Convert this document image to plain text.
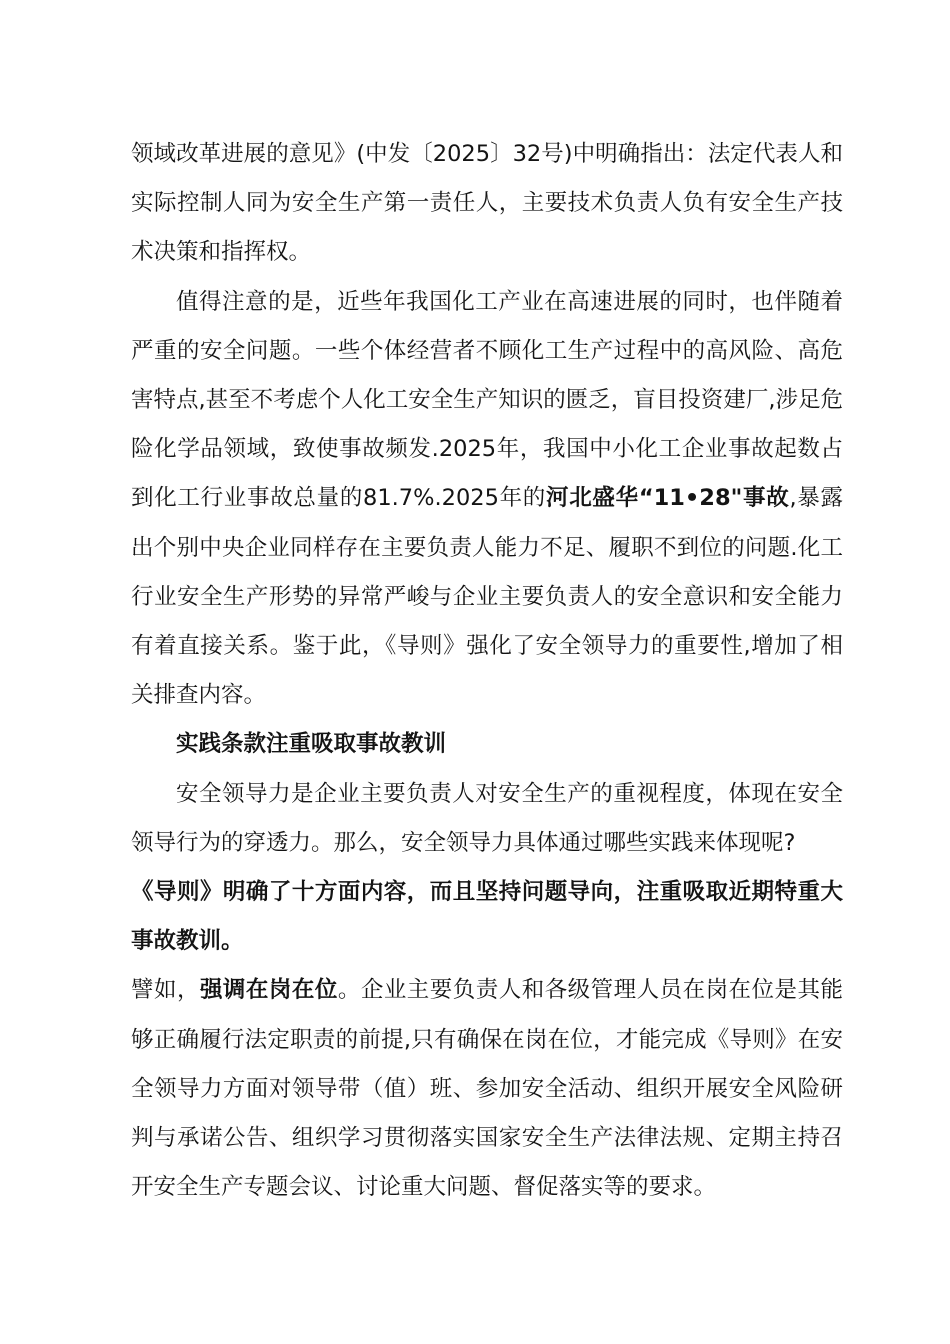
领域改革进展的意见》(中发〔2025〕32号)中明确指出：法定代表人和实际控制人同为安全生产第一责任人，主要技术负责人负有安全生产技术决策和指挥权。

值得注意的是，近些年我国化工产业在高速进展的同时，也伴随着严重的安全问题。一些个体经营者不顾化工生产过程中的高风险、高危害特点,甚至不考虑个人化工安全生产知识的匮乏，盲目投资建厂,涉足危险化学品领域，致使事故频发.2025年，我国中小化工企业事故起数占到化工行业事故总量的81.7%.2025年的河北盛华“11•28"事故,暴露出个别中央企业同样存在主要负责人能力不足、履职不到位的问题.化工行业安全生产形势的异常严峻与企业主要负责人的安全意识和安全能力有着直接关系。鉴于此，《导则》强化了安全领导力的重要性,增加了相关排查内容。

实践条款注重吸取事故教训

安全领导力是企业主要负责人对安全生产的重视程度，体现在安全领导行为的穿透力。那么，安全领导力具体通过哪些实践来体现呢?

《导则》明确了十方面内容，而且坚持问题导向，注重吸取近期特重大事故教训。

譬如，强调在岗在位。企业主要负责人和各级管理人员在岗在位是其能够正确履行法定职责的前提,只有确保在岗在位，才能完成《导则》在安全领导力方面对领导带（值）班、参加安全活动、组织开展安全风险研判与承诺公告、组织学习贯彻落实国家安全生产法律法规、定期主持召开安全生产专题会议、讨论重大问题、督促落实等的要求。
